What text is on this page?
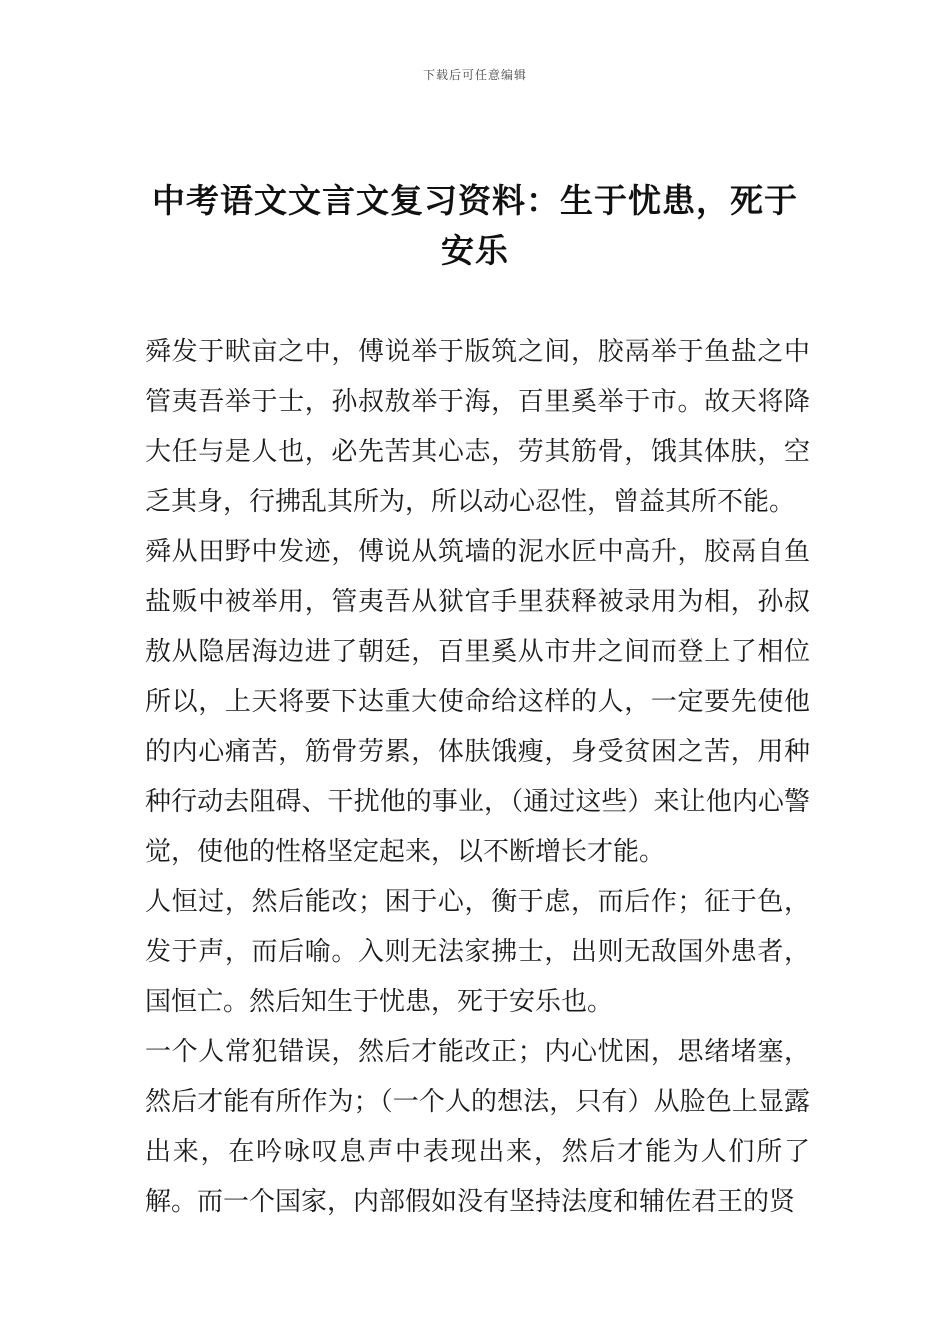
下载后可任意编辑
中考语文文言文复习资料：生于忧患，死于安乐

舜发于畎亩之中，傅说举于版筑之间，胶鬲举于鱼盐之中管夷吾举于士，孙叔敖举于海，百里奚举于市。故天将降大任与是人也，必先苦其心志，劳其筋骨，饿其体肤，空乏其身，行拂乱其所为，所以动心忍性，曾益其所不能。

舜从田野中发迹，傅说从筑墙的泥水匠中高升，胶鬲自鱼盐贩中被举用，管夷吾从狱官手里获释被录用为相，孙叔敖从隐居海边进了朝廷，百里奚从市井之间而登上了相位所以，上天将要下达重大使命给这样的人，一定要先使他的内心痛苦，筋骨劳累，体肤饿瘦，身受贫困之苦，用种种行动去阻碍、干扰他的事业，（通过这些）来让他内心警觉，使他的性格坚定起来，以不断增长才能。

人恒过，然后能改；困于心，衡于虑，而后作；征于色，发于声，而后喻。入则无法家拂士，出则无敌国外患者，国恒亡。然后知生于忧患，死于安乐也。

一个人常犯错误，然后才能改正；内心忧困，思绪堵塞，然后才能有所作为；（一个人的想法，只有）从脸色上显露出来，在吟咏叹息声中表现出来，然后才能为人们所了解。而一个国家，内部假如没有坚持法度和辅佐君王的贤
